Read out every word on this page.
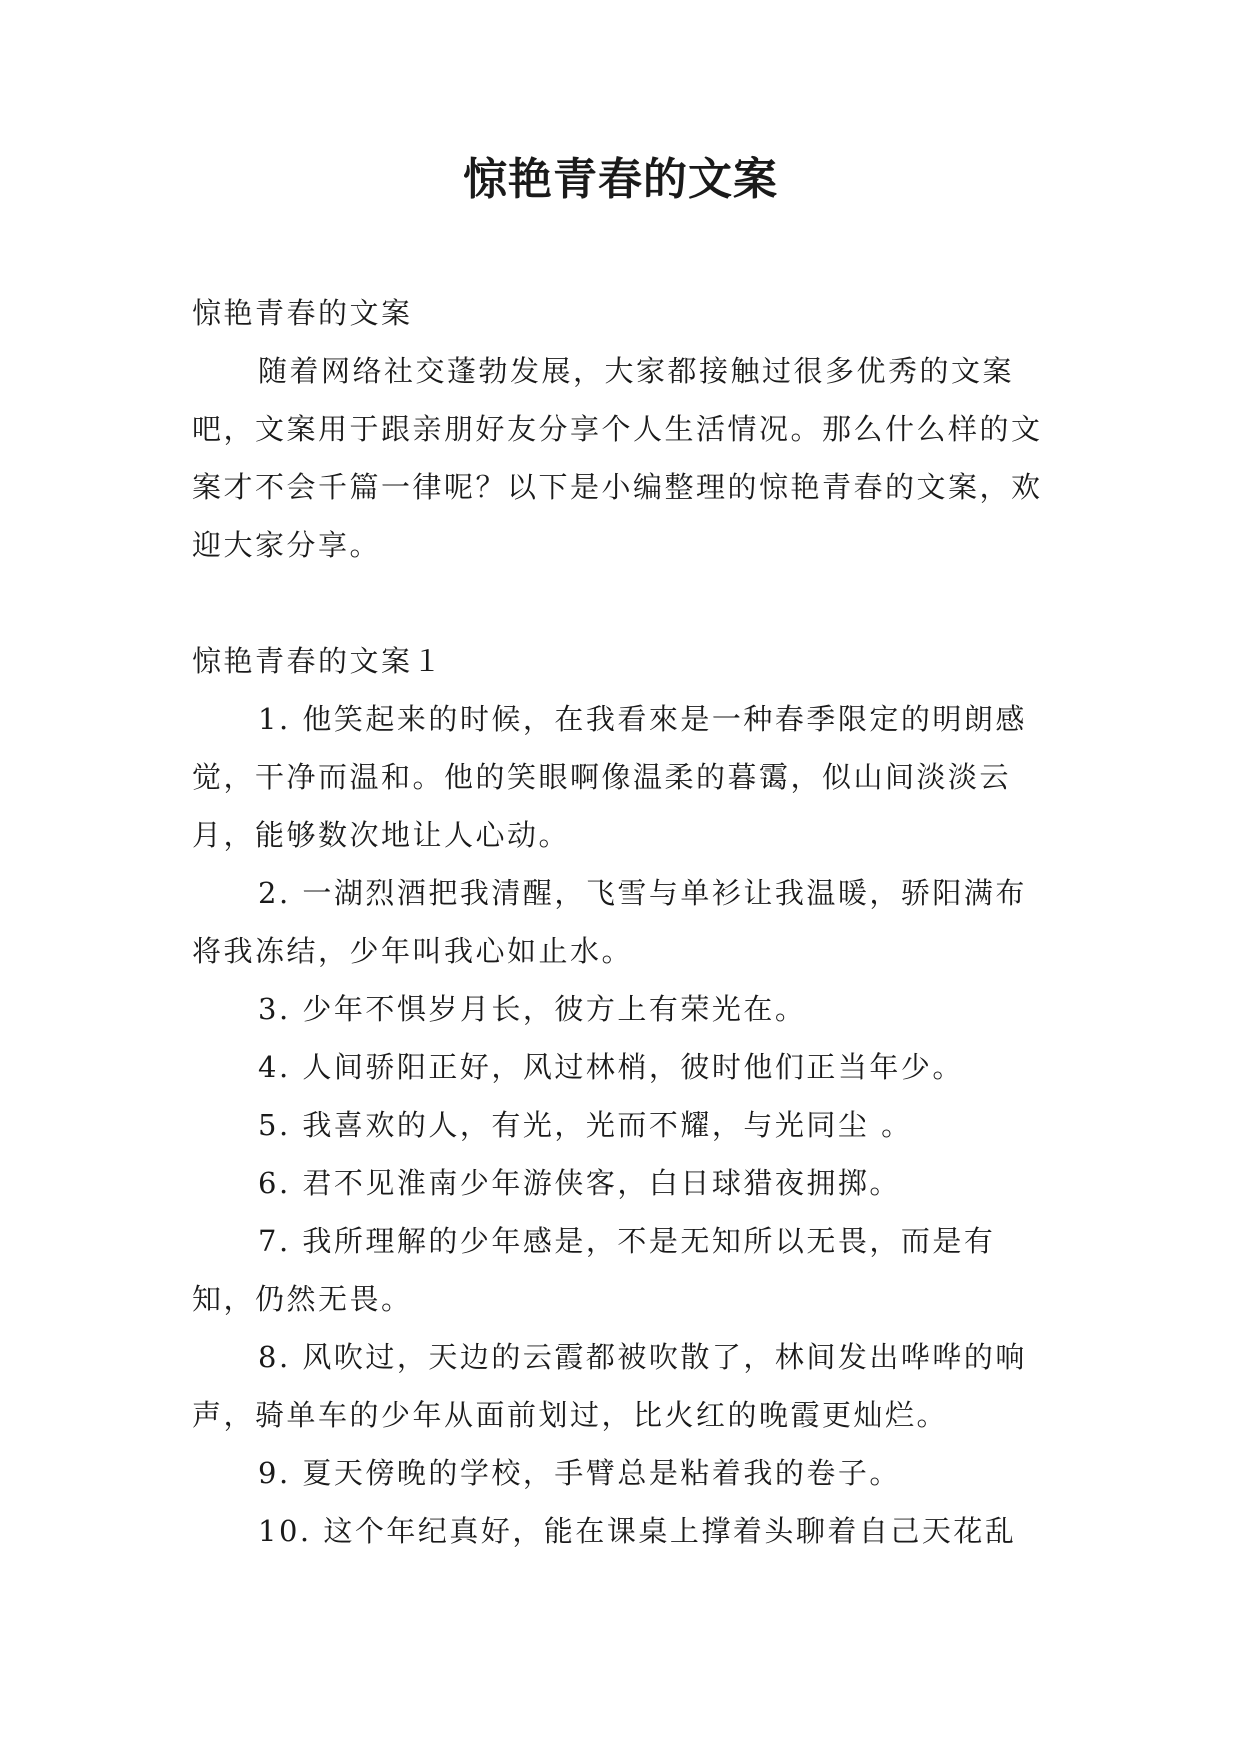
惊艳青春的文案

惊艳青春的文案

随着网络社交蓬勃发展，大家都接触过很多优秀的文案吧，文案用于跟亲朋好友分享个人生活情况。那么什么样的文案才不会千篇一律呢？以下是小编整理的惊艳青春的文案，欢迎大家分享。

惊艳青春的文案１

1. 他笑起来的时候，在我看來是一种春季限定的明朗感觉，干净而温和。他的笑眼啊像温柔的暮霭，似山间淡淡云月，能够数次地让人心动。

2. 一湖烈酒把我清醒，飞雪与单衫让我温暖，骄阳满布将我冻结，少年叫我心如止水。

3. 少年不惧岁月长，彼方上有荣光在。

4. 人间骄阳正好，风过林梢，彼时他们正当年少。

5. 我喜欢的人，有光，光而不耀，与光同尘 。

6. 君不见淮南少年游侠客，白日球猎夜拥掷。

7. 我所理解的少年感是，不是无知所以无畏，而是有知，仍然无畏。

8. 风吹过，天边的云霞都被吹散了，林间发出哗哗的响声，骑单车的少年从面前划过，比火红的晚霞更灿烂。

9. 夏天傍晚的学校，手臂总是粘着我的卷子。

10. 这个年纪真好，能在课桌上撑着头聊着自己天花乱
